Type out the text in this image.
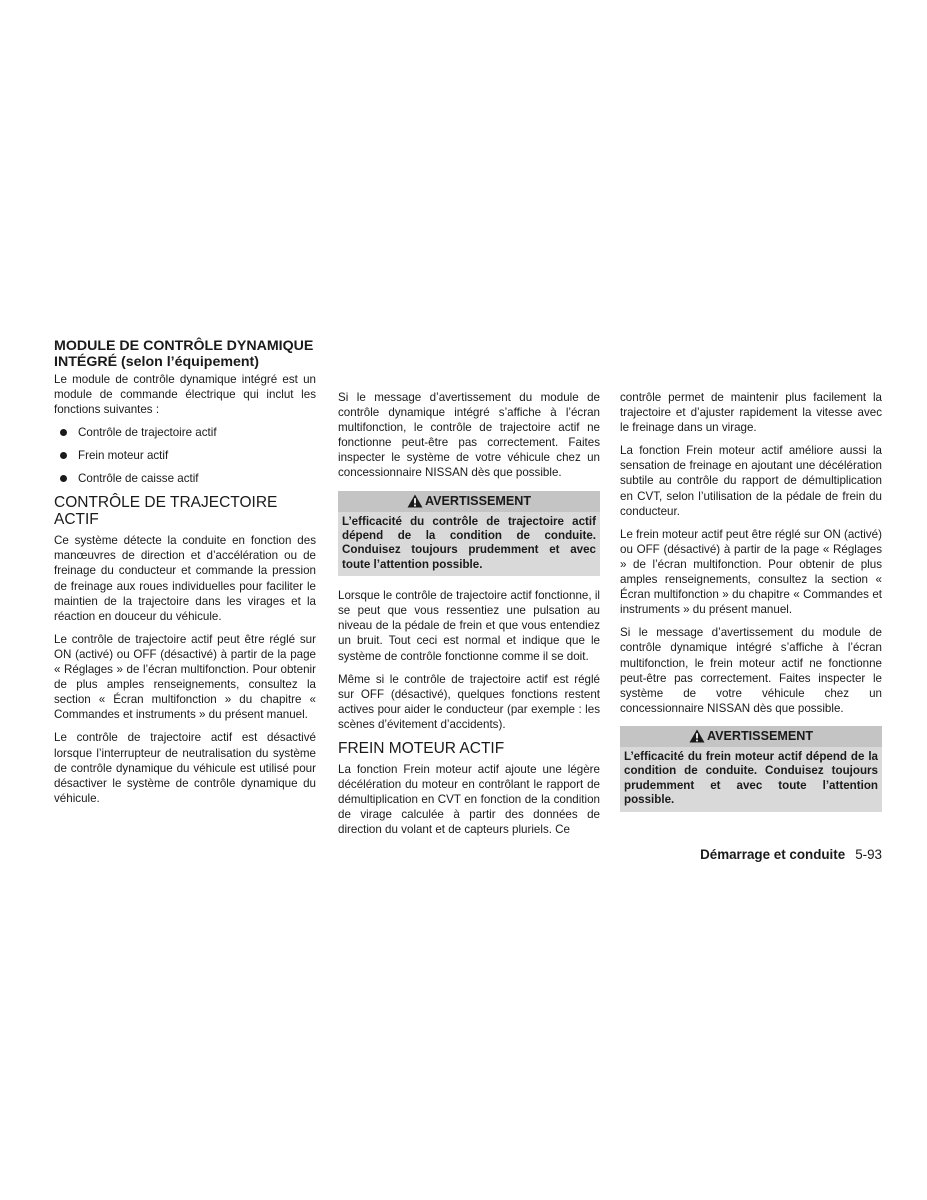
MODULE DE CONTRÔLE DYNAMIQUE INTÉGRÉ (selon l’équipement)

Le module de contrôle dynamique intégré est un module de commande électrique qui inclut les fonctions suivantes :

Contrôle de trajectoire actif
Frein moteur actif
Contrôle de caisse actif
CONTRÔLE DE TRAJECTOIRE ACTIF

Ce système détecte la conduite en fonction des manœuvres de direction et d’accélération ou de freinage du conducteur et commande la pression de freinage aux roues individuelles pour faciliter le maintien de la trajectoire dans les virages et la réaction en douceur du véhicule.

Le contrôle de trajectoire actif peut être réglé sur ON (activé) ou OFF (désactivé) à partir de la page « Réglages » de l’écran multifonction. Pour obtenir de plus amples renseignements, consultez la section « Écran multifonction » du chapitre « Commandes et instruments » du présent manuel.

Le contrôle de trajectoire actif est désactivé lorsque l’interrupteur de neutralisation du système de contrôle dynamique du véhicule est utilisé pour désactiver le système de contrôle dynamique du véhicule.

Si le message d’avertissement du module de contrôle dynamique intégré s’affiche à l’écran multifonction, le contrôle de trajectoire actif ne fonctionne peut-être pas correctement. Faites inspecter le système de votre véhicule chez un concessionnaire NISSAN dès que possible.

AVERTISSEMENT
L’efficacité du contrôle de trajectoire actif dépend de la condition de conduite. Conduisez toujours prudemment et avec toute l’attention possible.

Lorsque le contrôle de trajectoire actif fonctionne, il se peut que vous ressentiez une pulsation au niveau de la pédale de frein et que vous entendiez un bruit. Tout ceci est normal et indique que le système de contrôle fonctionne comme il se doit.

Même si le contrôle de trajectoire actif est réglé sur OFF (désactivé), quelques fonctions restent actives pour aider le conducteur (par exemple : les scènes d’évitement d’accidents).

FREIN MOTEUR ACTIF

La fonction Frein moteur actif ajoute une légère décélération du moteur en contrôlant le rapport de démultiplication en CVT en fonction de la condition de virage calculée à partir des données de direction du volant et de capteurs pluriels. Ce

contrôle permet de maintenir plus facilement la trajectoire et d’ajuster rapidement la vitesse avec le freinage dans un virage.

La fonction Frein moteur actif améliore aussi la sensation de freinage en ajoutant une décélération subtile au contrôle du rapport de démultiplication en CVT, selon l’utilisation de la pédale de frein du conducteur.

Le frein moteur actif peut être réglé sur ON (activé) ou OFF (désactivé) à partir de la page « Réglages » de l’écran multifonction. Pour obtenir de plus amples renseignements, consultez la section « Écran multifonction » du chapitre « Commandes et instruments » du présent manuel.

Si le message d’avertissement du module de contrôle dynamique intégré s’affiche à l’écran multifonction, le frein moteur actif ne fonctionne peut-être pas correctement. Faites inspecter le système de votre véhicule chez un concessionnaire NISSAN dès que possible.

AVERTISSEMENT
L’efficacité du frein moteur actif dépend de la condition de conduite. Conduisez toujours prudemment et avec toute l’attention possible.
Démarrage et conduite 5-93
